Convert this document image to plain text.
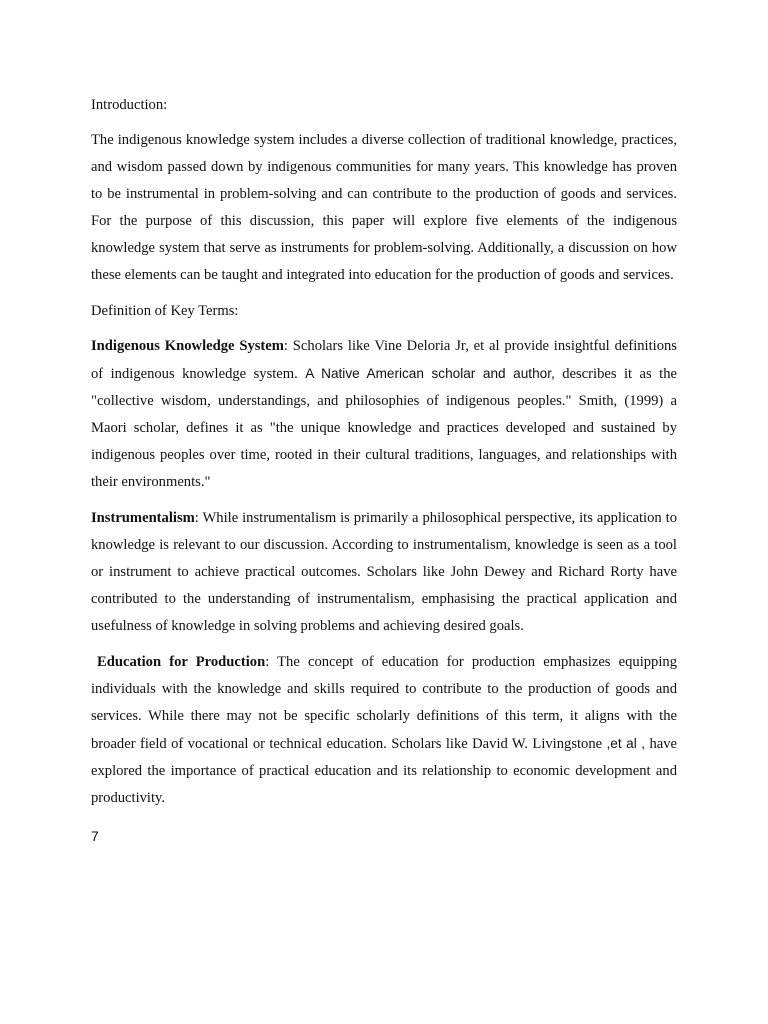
Introduction:

The indigenous knowledge system includes a diverse collection of traditional knowledge, practices, and wisdom passed down by indigenous communities for many years. This knowledge has proven to be instrumental in problem-solving and can contribute to the production of goods and services. For the purpose of this discussion, this paper will explore five elements of the indigenous knowledge system that serve as instruments for problem-solving. Additionally, a discussion on how these elements can be taught and integrated into education for the production of goods and services.

Definition of Key Terms:

Indigenous Knowledge System: Scholars like Vine Deloria Jr, et al provide insightful definitions of indigenous knowledge system. A Native American scholar and author, describes it as the "collective wisdom, understandings, and philosophies of indigenous peoples." Smith, (1999) a Maori scholar, defines it as "the unique knowledge and practices developed and sustained by indigenous peoples over time, rooted in their cultural traditions, languages, and relationships with their environments."

Instrumentalism: While instrumentalism is primarily a philosophical perspective, its application to knowledge is relevant to our discussion. According to instrumentalism, knowledge is seen as a tool or instrument to achieve practical outcomes. Scholars like John Dewey and Richard Rorty have contributed to the understanding of instrumentalism, emphasising the practical application and usefulness of knowledge in solving problems and achieving desired goals.

Education for Production: The concept of education for production emphasizes equipping individuals with the knowledge and skills required to contribute to the production of goods and services. While there may not be specific scholarly definitions of this term, it aligns with the broader field of vocational or technical education. Scholars like David W. Livingstone ,et al , have explored the importance of practical education and its relationship to economic development and productivity.

7
